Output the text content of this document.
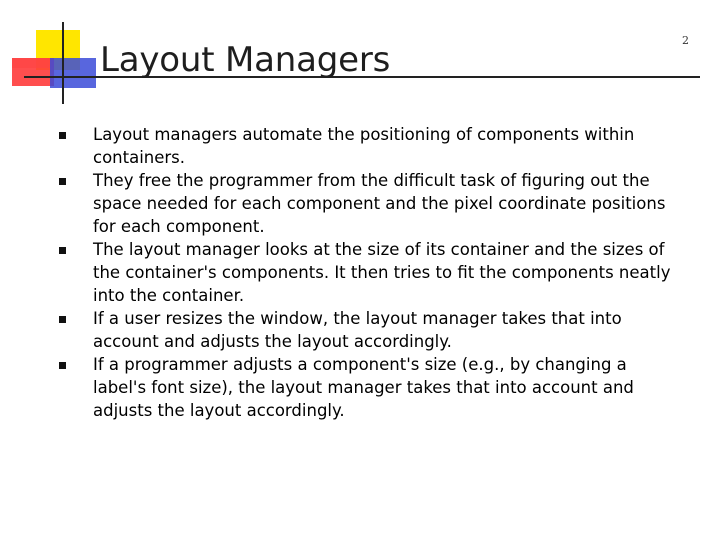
Layout Managers	2
Layout managers automate the positioning of components within containers.
They free the programmer from the difficult task of figuring out the space needed for each component and the pixel coordinate positions for each component.
The layout manager looks at the size of its container and the sizes of the container's components. It then tries to fit the components neatly into the container.
If a user resizes the window, the layout manager takes that into account and adjusts the layout accordingly.
If a programmer adjusts a component's size (e.g., by changing a label's font size), the layout manager takes that into account and adjusts the layout accordingly.
